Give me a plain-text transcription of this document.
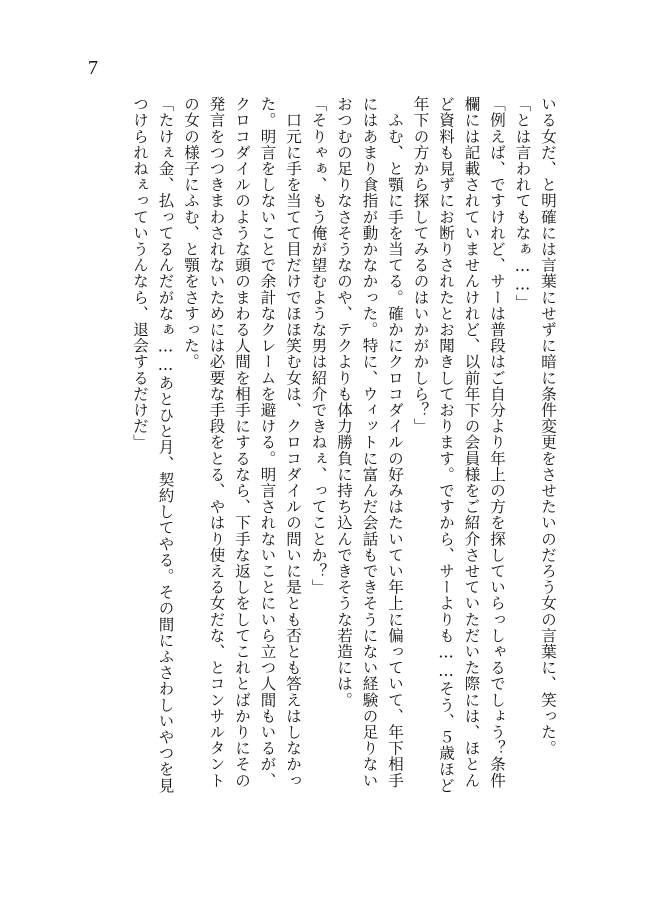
7
いる女だ、と明確には言葉にせずに暗に条件変更をさせたいのだろう女の言葉に、笑った。
「とは言われてもなぁ……」
「例えば、ですけれど、サーは普段はご自分より年上の方を探していらっしゃるでしょう？条件
欄には記載されていませんけれど、以前年下の会員様をご紹介させていただいた際には、ほとん
ど資料も見ずにお断りされたとお聞きしております。ですから、サーよりも……そう、５歳ほど
年下の方から探してみるのはいかがかしら？」
　ふむ、と顎に手を当てる。確かにクロコダイルの好みはたいてい年上に偏っていて、年下相手
にはあまり食指が動かなかった。特に、ウィットに富んだ会話もできそうにない経験の足りない
おつむの足りなさそうなのや、テクよりも体力勝負に持ち込んできそうな若造には。
「そりゃぁ、もう俺が望むような男は紹介できねぇ、ってことか？」
　口元に手を当てて目だけでほほ笑む女は、クロコダイルの問いに是とも否とも答えはしなかっ
た。明言をしないことで余計なクレームを避ける。明言されないことにいら立つ人間もいるが、
クロコダイルのような頭のまわる人間を相手にするなら、下手な返しをしてこれとばかりにその
発言をつつきまわされないためには必要な手段をとる、やはり使える女だな、とコンサルタント
の女の様子にふむ、と顎をさすった。
「たけぇ金、払ってるんだがなぁ……あとひと月、契約してやる。その間にふさわしいやつを見
つけられねぇっていうんなら、退会するだけだ」
